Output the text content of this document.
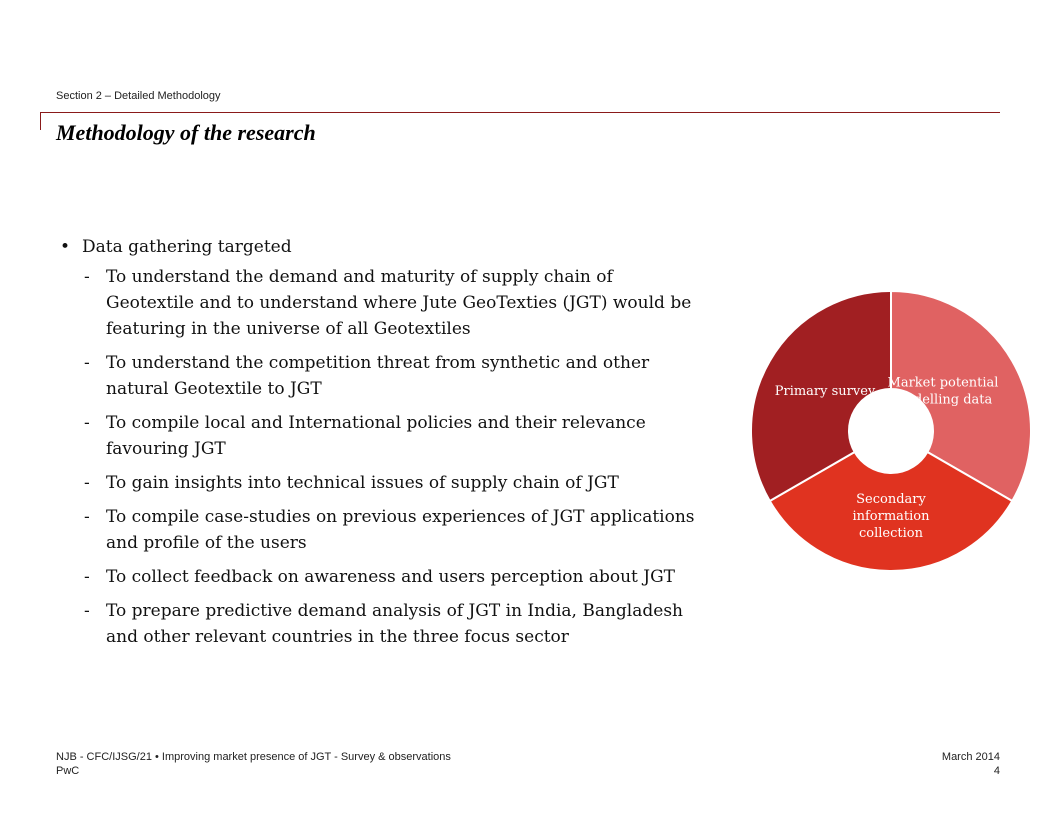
Section 2 – Detailed Methodology
Methodology of the research
• Data gathering targeted
- To understand the demand and maturity of supply chain of Geotextile and to understand where Jute GeoTexties (JGT) would be featuring in the universe of all Geotextiles
- To understand the competition threat from synthetic and other natural Geotextile to JGT
- To compile local and International policies and their relevance favouring JGT
- To gain insights into technical issues of supply chain of JGT
- To compile case-studies on previous experiences of JGT applications and profile of the users
- To collect feedback on awareness and users perception about JGT
- To prepare predictive demand analysis of JGT in India, Bangladesh and other relevant countries in the three focus sector
Market potential modelling data
Secondary information collection
Primary survey
NJB - CFC/IJSG/21 • Improving market presence of JGT - Survey & observations
PwC
March 2014
4
